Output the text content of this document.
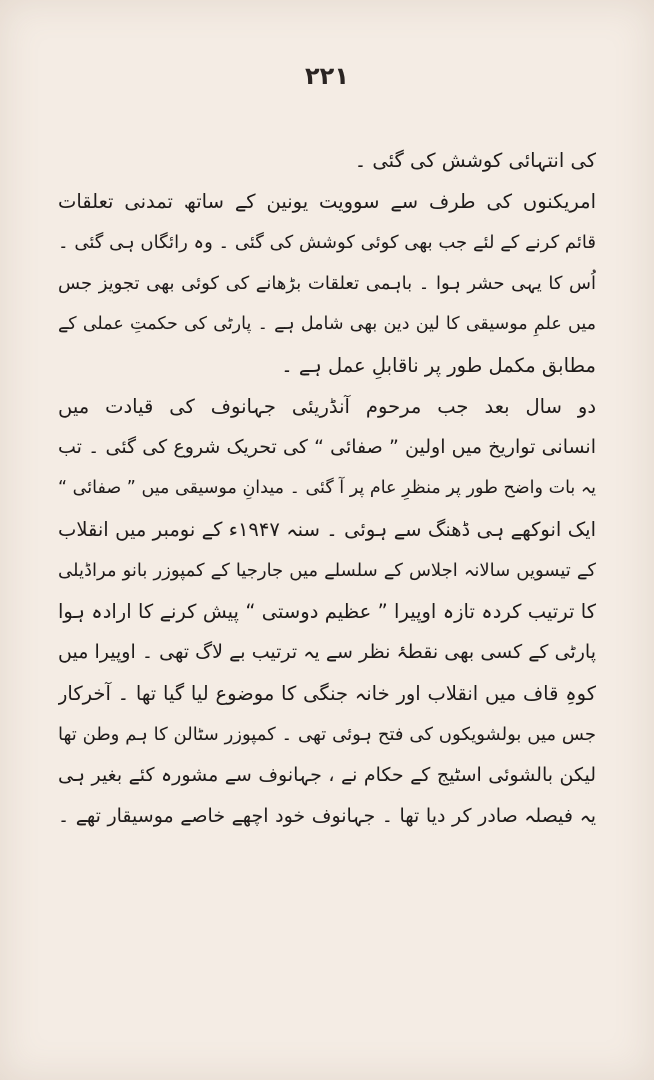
۲۲۱
کی انتہائی کوشش کی گئی ۔
امریکنوں کی طرف سے سوویت یونین کے ساتھ تمدنی تعلقات
قائم کرنے کے لئے جب بھی کوئی کوشش کی گئی ۔ وہ رائگاں ہی گئی ۔
اُس کا یہی حشر ہوا ۔ باہمی تعلقات بڑھانے کی کوئی بھی تجویز جس
میں علمِ موسیقی کا لین دین بھی شامل ہے ۔ پارٹی کی حکمتِ عملی کے
مطابق مکمل طور پر ناقابلِ عمل ہے ۔
دو سال بعد جب مرحوم آنڈریئی جہانوف کی قیادت میں
انسانی تواریخ میں اولین ” صفائی “ کی تحریک شروع کی گئی ۔ تب
یہ بات واضح طور پر منظرِ عام پر آ گئی ۔ میدانِ موسیقی میں ” صفائی “
ایک انوکھے ہی ڈھنگ سے ہوئی ۔ سنہ ۱۹۴۷ء کے نومبر میں انقلاب
کے تیسویں سالانہ اجلاس کے سلسلے میں جارجیا کے کمپوزر بانو مراڈیلی
کا ترتیب کردہ تازہ اوپیرا ” عظیم دوستی “ پیش کرنے کا ارادہ ہوا
پارٹی کے کسی بھی نقطۂ نظر سے یہ ترتیب بے لاگ تھی ۔ اوپیرا میں
کوہِ قاف میں انقلاب اور خانہ جنگی کا موضوع لیا گیا تھا ۔ آخرکار
جس میں بولشویکوں کی فتح ہوئی تھی ۔ کمپوزر سٹالن کا ہم وطن تھا
لیکن بالشوئی اسٹیج کے حکام نے ، جہانوف سے مشورہ کئے بغیر ہی
یہ فیصلہ صادر کر دیا تھا ۔ جہانوف خود اچھے خاصے موسیقار تھے ۔
